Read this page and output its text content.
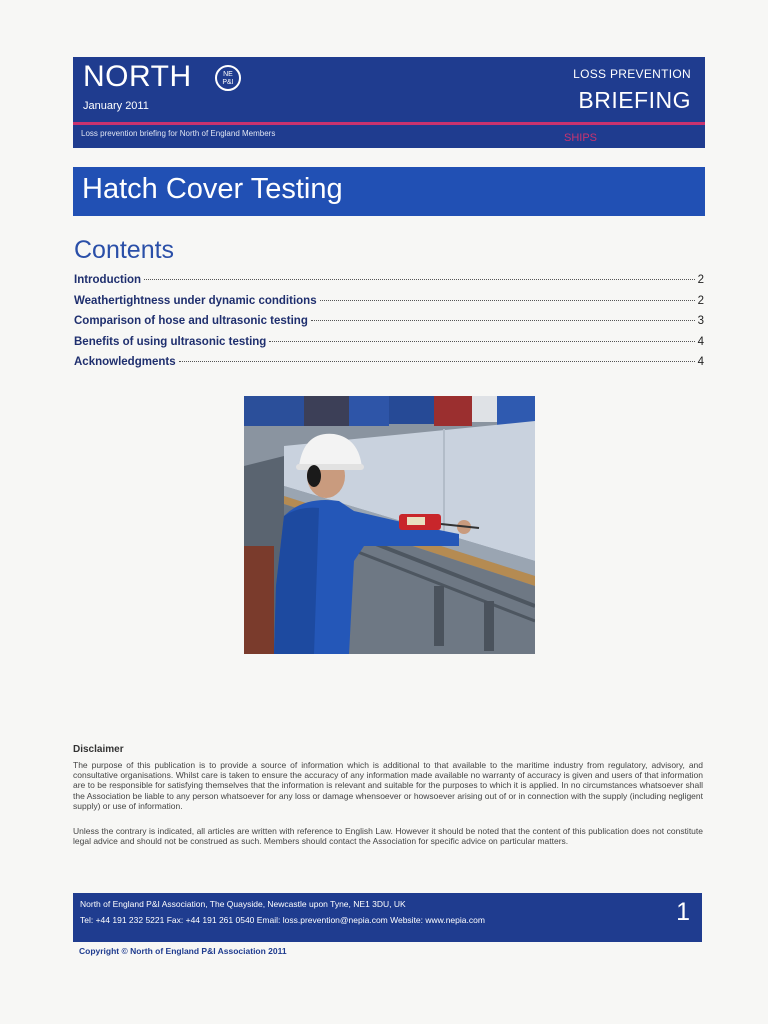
NORTH	NE
P&I
January 2011
LOSS PREVENTION
BRIEFING
Loss prevention briefing for North of England Members	SHIPS
Hatch Cover Testing
Contents
Introduction	2
Weathertightness under dynamic conditions	2
Comparison of hose and ultrasonic testing	3
Benefits of using ultrasonic testing	4
Acknowledgments	4
Disclaimer
The purpose of this publication is to provide a source of information which is additional to that available to the maritime industry from regulatory, advisory, and consultative organisations. Whilst care is taken to ensure the accuracy of any information made available no warranty of accuracy is given and users of that information are to be responsible for satisfying themselves that the information is relevant and suitable for the purposes to which it is applied. In no circumstances whatsoever shall the Association be liable to any person whatsoever for any loss or damage whensoever or howsoever arising out of or in connection with the supply (including negligent supply) or use of information.
Unless the contrary is indicated, all articles are written with reference to English Law. However it should be noted that the content of this publication does not constitute legal advice and should not be construed as such. Members should contact the Association for specific advice on particular matters.
North of England P&I Association, The Quayside, Newcastle upon Tyne, NE1 3DU, UK
Tel: +44 191 232 5221 Fax: +44 191 261 0540 Email: loss.prevention@nepia.com Website: www.nepia.com	1
Copyright © North of England P&I Association 2011
